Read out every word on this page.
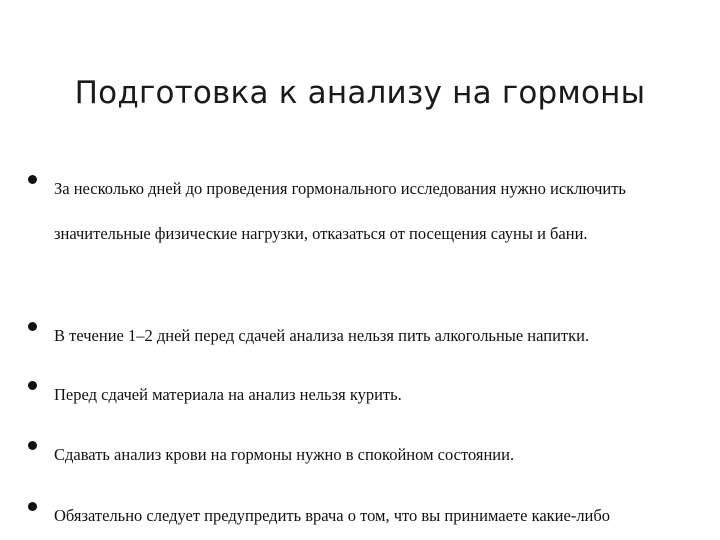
Подготовка к анализу на гормоны

За несколько дней до проведения гормонального исследования нужно исключить значительные физические нагрузки, отказаться от посещения сауны и бани.

В течение 1–2 дней перед сдачей анализа нельзя пить алкогольные напитки.

Перед сдачей материала на анализ нельзя курить.

Сдавать анализ крови на гормоны нужно в спокойном состоянии.

Обязательно следует предупредить врача о том, что вы принимаете какие-либо
